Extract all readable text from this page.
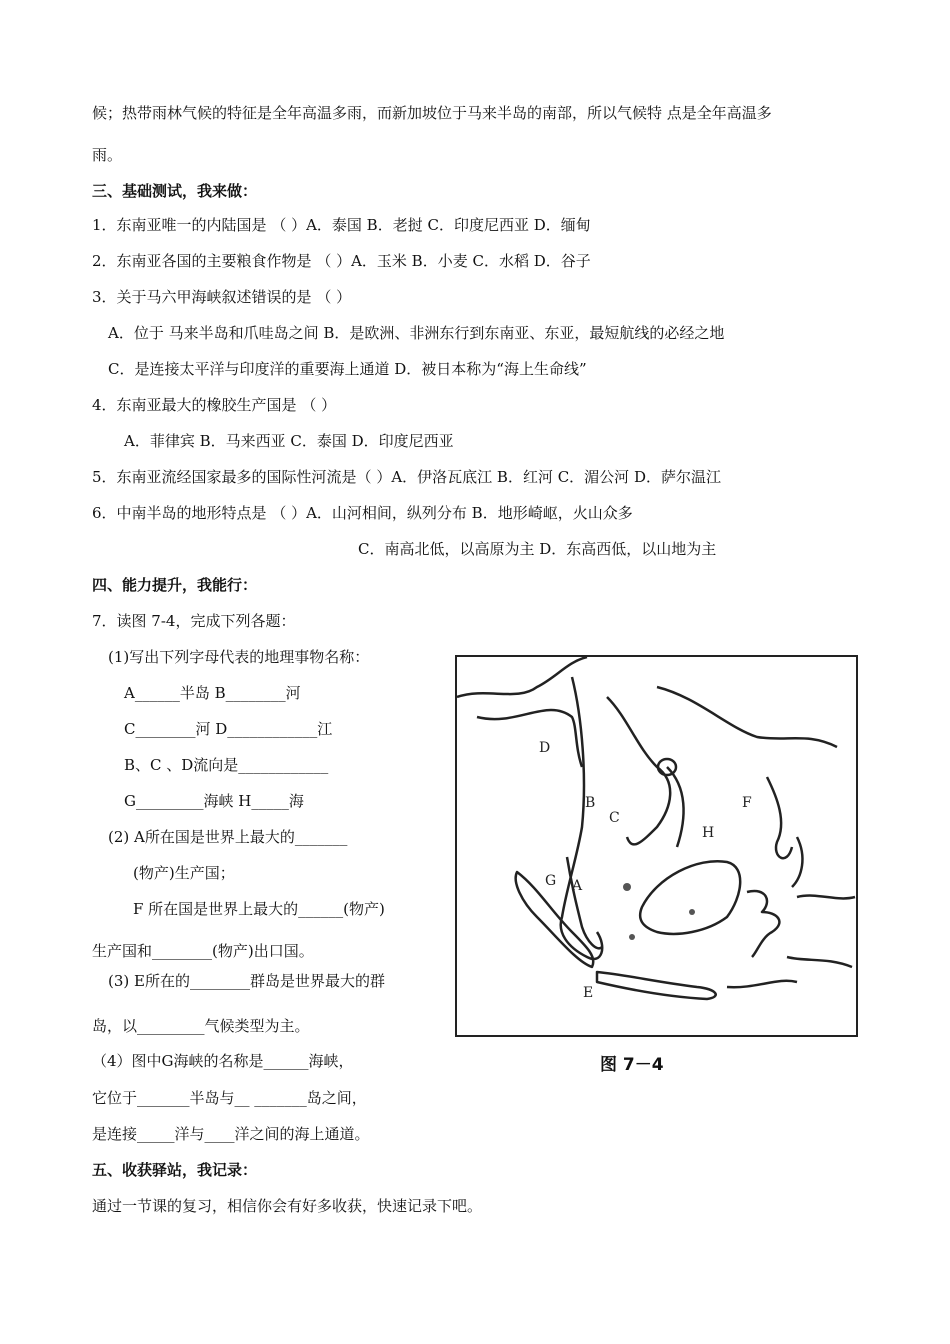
候；热带雨林气候的特征是全年高温多雨，而新加坡位于马来半岛的南部，所以气候特 点是全年高温多
雨。
三、基础测试，我来做：
1．东南亚唯一的内陆国是 （ ）A．泰国 B．老挝 C．印度尼西亚 D．缅甸
2．东南亚各国的主要粮食作物是 （ ）A．玉米 B．小麦 C．水稻 D．谷子
3．关于马六甲海峡叙述错误的是 （ ）
A．位于 马来半岛和爪哇岛之间 B．是欧洲、非洲东行到东南亚、东亚，最短航线的必经之地
C．是连接太平洋与印度洋的重要海上通道 D．被日本称为“海上生命线”
4．东南亚最大的橡胶生产国是 （ ）
A．菲律宾 B．马来西亚 C．泰国 D．印度尼西亚
5．东南亚流经国家最多的国际性河流是（ ）A．伊洛瓦底江 B．红河 C．湄公河 D．萨尔温江
6．中南半岛的地形特点是 （ ）A．山河相间，纵列分布 B．地形崎岖，火山众多
C．南高北低，以高原为主 D．东高西低，以山地为主
四、能力提升，我能行：
7．读图 7-4，完成下列各题：
(1)写出下列字母代表的地理事物名称：
A______半岛 B________河
C________河 D____________江
B、C 、D流向是____________
G_________海峡 H_____海
(2) A所在国是世界上最大的_______
(物产)生产国；
F 所在国是世界上最大的______(物产)
生产国和________(物产)出口国。
(3) E所在的________群岛是世界最大的群
岛，以_________气候类型为主。
（4）图中G海峡的名称是______海峡，
它位于_______半岛与__ _______岛之间，
是连接_____洋与____洋之间的海上通道。
D
B
C
F
H
G A
E
图 7－4
五、收获驿站，我记录：
通过一节课的复习，相信你会有好多收获，快速记录下吧。
